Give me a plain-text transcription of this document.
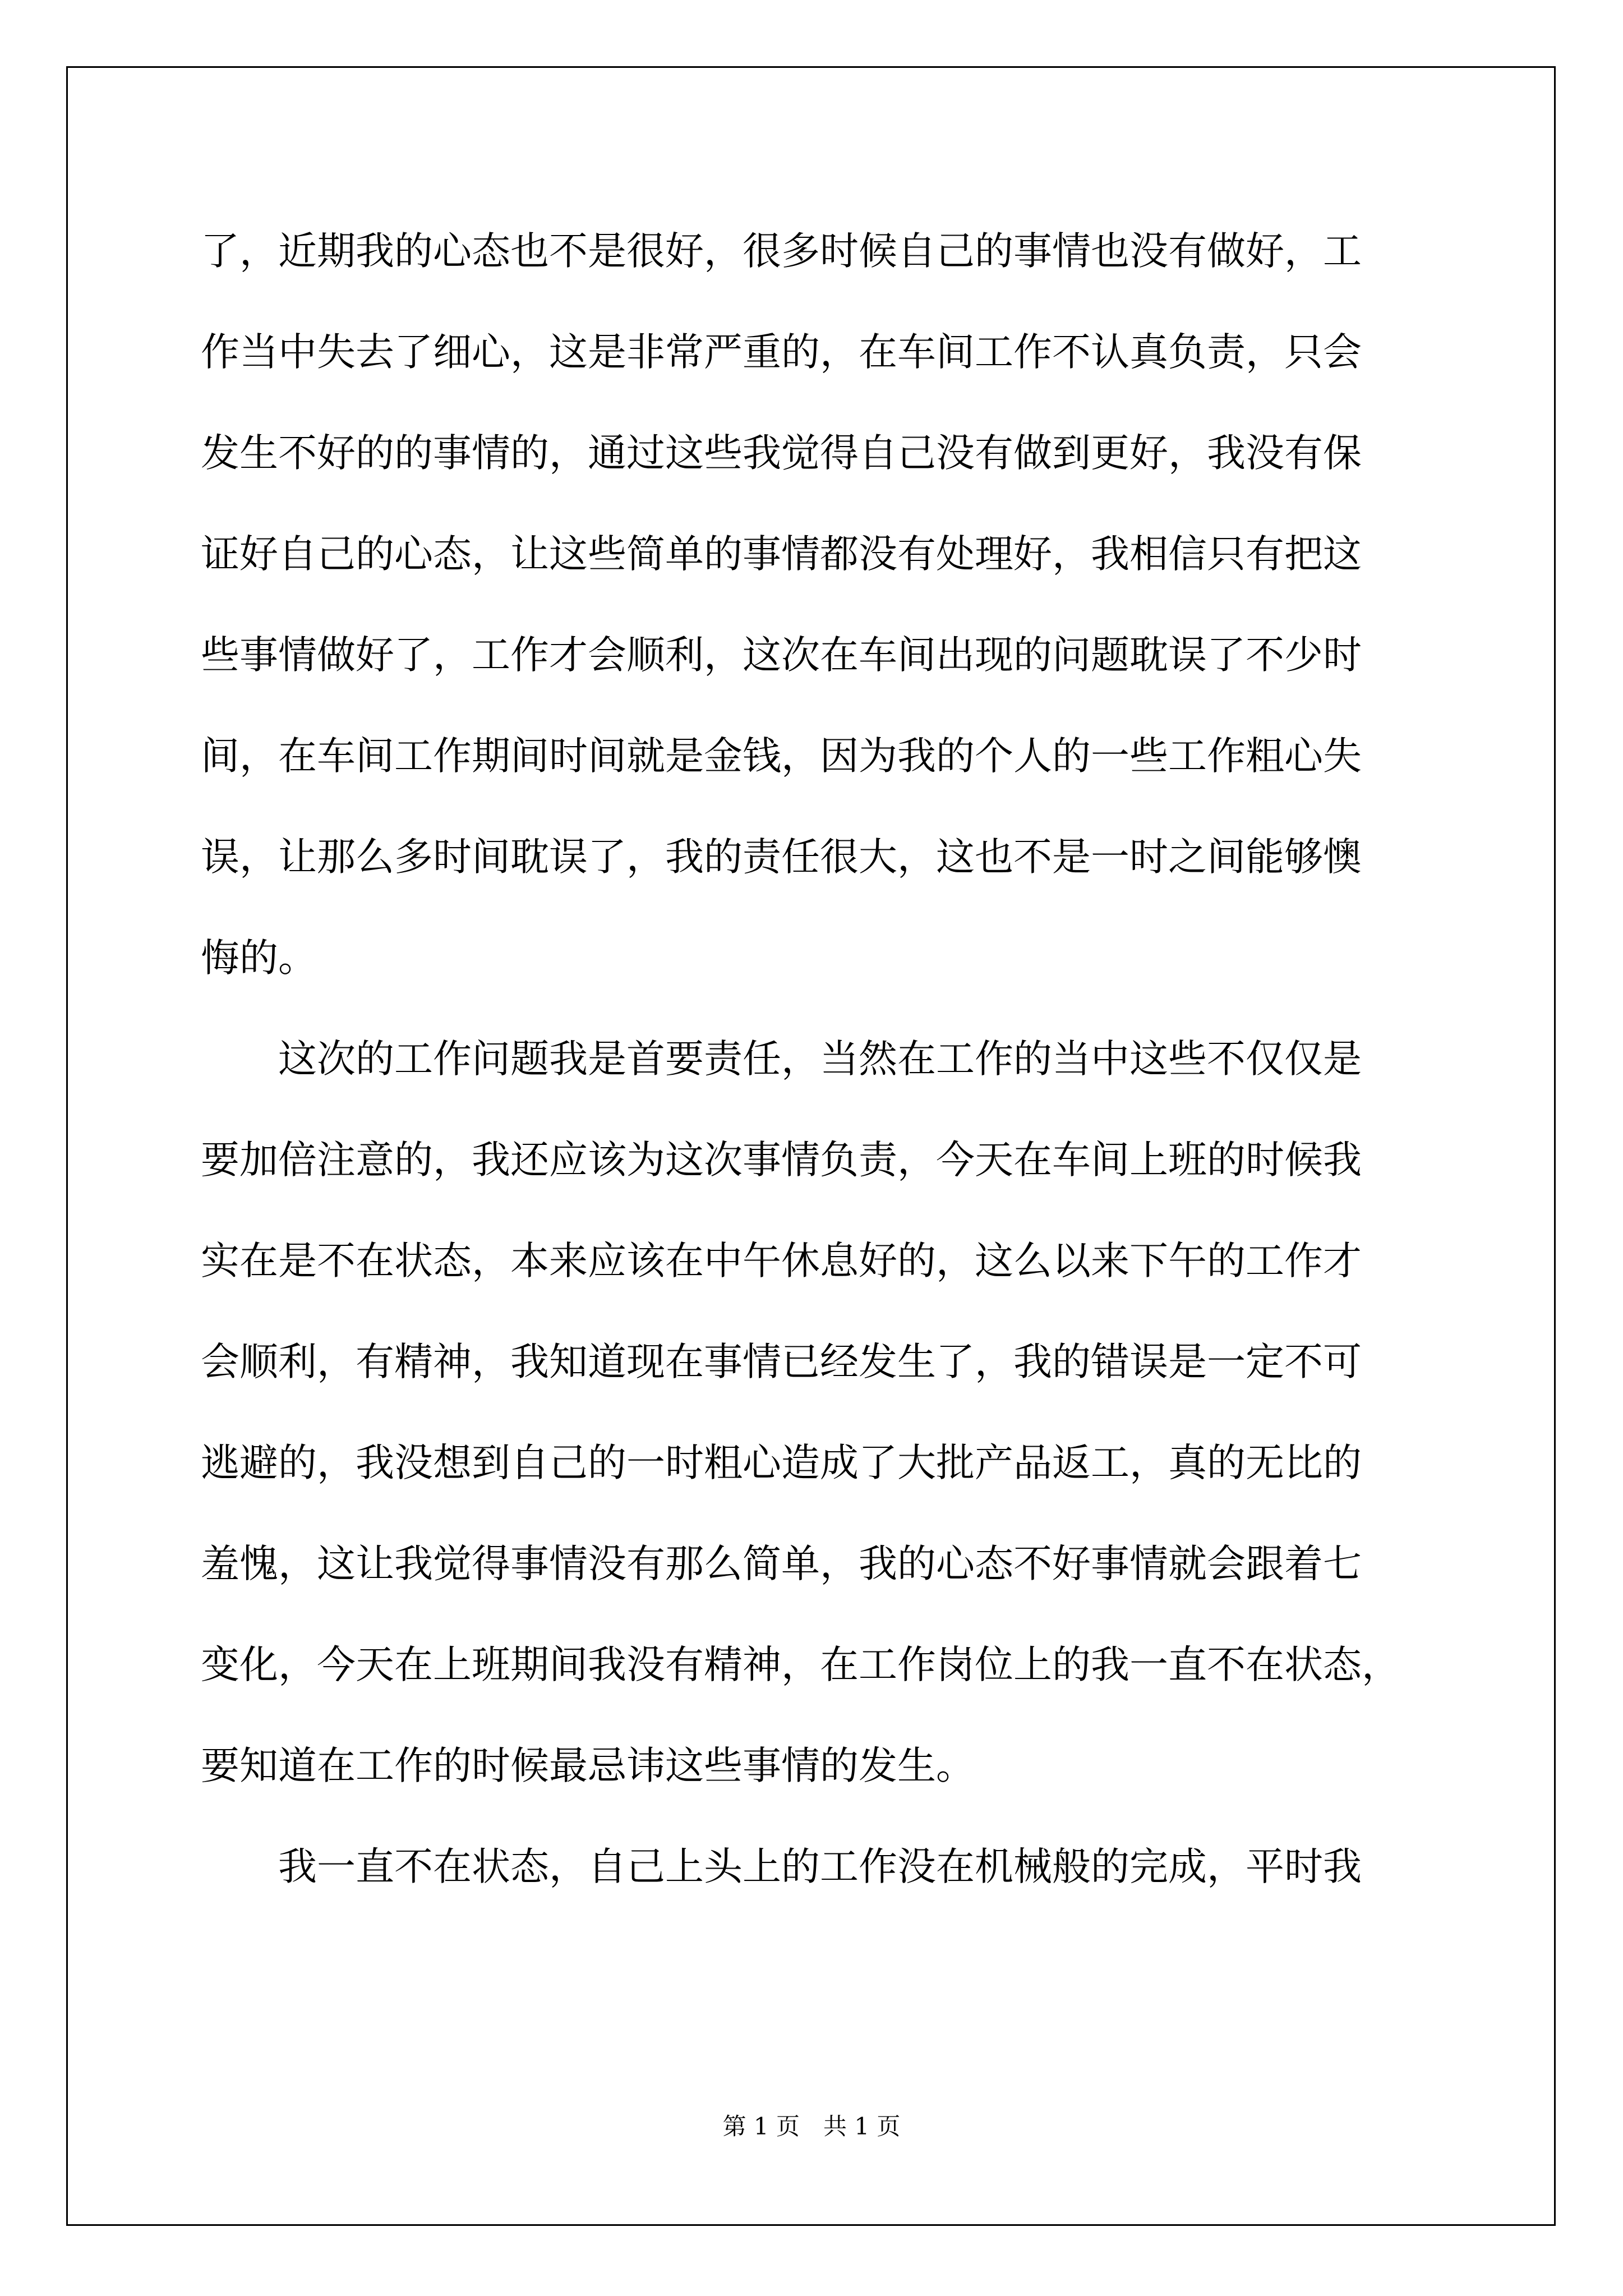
了，近期我的心态也不是很好，很多时候自己的事情也没有做好，工
作当中失去了细心，这是非常严重的，在车间工作不认真负责，只会
发生不好的的事情的，通过这些我觉得自己没有做到更好，我没有保
证好自己的心态，让这些简单的事情都没有处理好，我相信只有把这
些事情做好了，工作才会顺利，这次在车间出现的问题耽误了不少时
间，在车间工作期间时间就是金钱，因为我的个人的一些工作粗心失
误，让那么多时间耽误了，我的责任很大，这也不是一时之间能够懊
悔的。
　　这次的工作问题我是首要责任，当然在工作的当中这些不仅仅是
要加倍注意的，我还应该为这次事情负责，今天在车间上班的时候我
实在是不在状态，本来应该在中午休息好的，这么以来下午的工作才
会顺利，有精神，我知道现在事情已经发生了，我的错误是一定不可
逃避的，我没想到自己的一时粗心造成了大批产品返工，真的无比的
羞愧，这让我觉得事情没有那么简单，我的心态不好事情就会跟着七
变化，今天在上班期间我没有精神，在工作岗位上的我一直不在状态，
要知道在工作的时候最忌讳这些事情的发生。
　　我一直不在状态，自己上头上的工作没在机械般的完成，平时我
第 1 页　共 1 页
